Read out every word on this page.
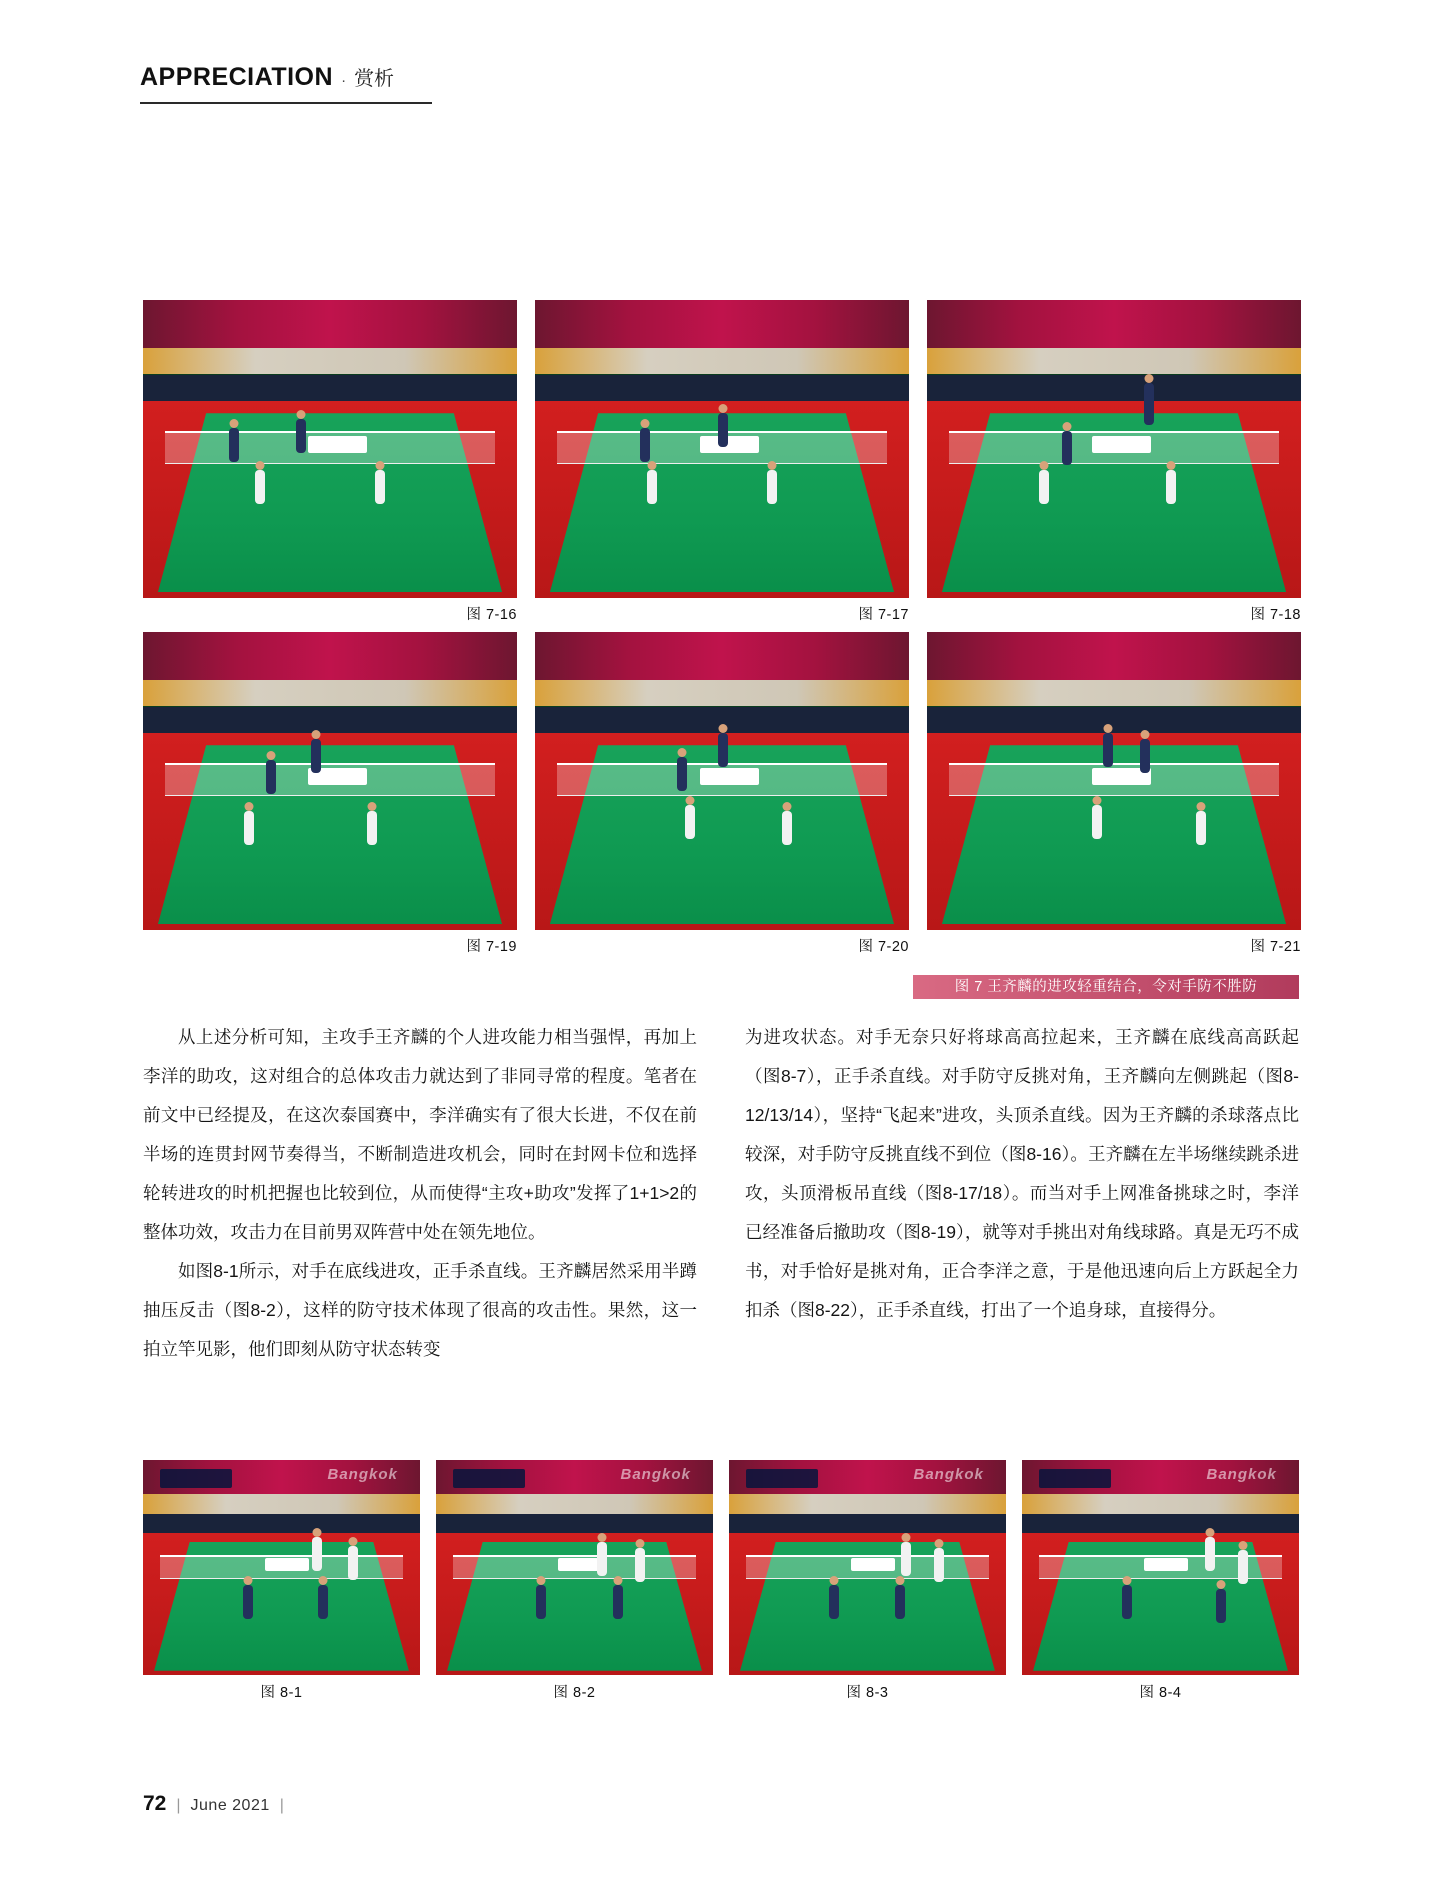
APPRECIATION · 赏析
图 7-16	图 7-17	图 7-18
图 7-19	图 7-20	图 7-21
图 7 王齐麟的进攻轻重结合，令对手防不胜防

从上述分析可知，主攻手王齐麟的个人进攻能力相当强悍，再加上李洋的助攻，这对组合的总体攻击力就达到了非同寻常的程度。笔者在前文中已经提及，在这次泰国赛中，李洋确实有了很大长进，不仅在前半场的连贯封网节奏得当，不断制造进攻机会，同时在封网卡位和选择轮转进攻的时机把握也比较到位，从而使得“主攻+助攻”发挥了1+1>2的整体功效，攻击力在目前男双阵营中处在领先地位。

如图8-1所示，对手在底线进攻，正手杀直线。王齐麟居然采用半蹲抽压反击（图8-2），这样的防守技术体现了很高的攻击性。果然，这一拍立竿见影，他们即刻从防守状态转变

为进攻状态。对手无奈只好将球高高拉起来，王齐麟在底线高高跃起（图8-7），正手杀直线。对手防守反挑对角，王齐麟向左侧跳起（图8-12/13/14），坚持“飞起来”进攻，头顶杀直线。因为王齐麟的杀球落点比较深，对手防守反挑直线不到位（图8-16）。王齐麟在左半场继续跳杀进攻，头顶滑板吊直线（图8-17/18）。而当对手上网准备挑球之时，李洋已经准备后撤助攻（图8-19），就等对手挑出对角线球路。真是无巧不成书，对手恰好是挑对角，正合李洋之意，于是他迅速向后上方跃起全力扣杀（图8-22），正手杀直线，打出了一个追身球，直接得分。

Bangkok
图 8-1
Bangkok
图 8-2
Bangkok
图 8-3
Bangkok
图 8-4
72 | June 2021 |
